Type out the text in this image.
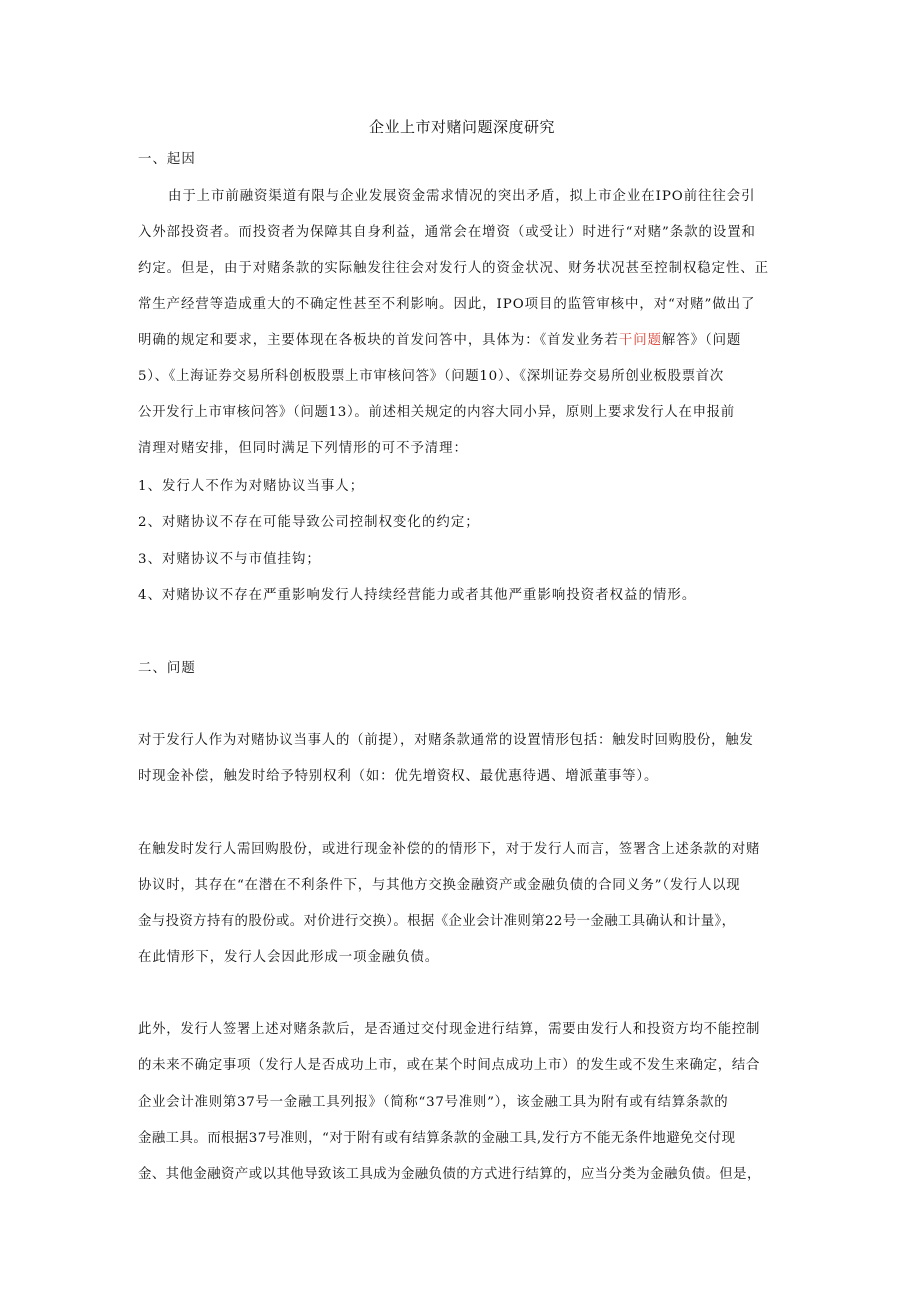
企业上市对赌问题深度研究
一、起因
由于上市前融资渠道有限与企业发展资金需求情况的突出矛盾，拟上市企业在IPO前往往会引
入外部投资者。而投资者为保障其自身利益，通常会在增资（或受让）时进行“对赌”条款的设置和
约定。但是，由于对赌条款的实际触发往往会对发行人的资金状况、财务状况甚至控制权稳定性、正
常生产经营等造成重大的不确定性甚至不利影响。因此，IPO项目的监管审核中，对“对赌”做出了
明确的规定和要求，主要体现在各板块的首发问答中，具体为：《首发业务若干问题解答》（问题
5）、《上海证券交易所科创板股票上市审核问答》（问题10）、《深圳证券交易所创业板股票首次
公开发行上市审核问答》（问题13）。前述相关规定的内容大同小异，原则上要求发行人在申报前
清理对赌安排，但同时满足下列情形的可不予清理：
1、发行人不作为对赌协议当事人；
2、对赌协议不存在可能导致公司控制权变化的约定；
3、对赌协议不与市值挂钩；
4、对赌协议不存在严重影响发行人持续经营能力或者其他严重影响投资者权益的情形。
二、问题
对于发行人作为对赌协议当事人的（前提），对赌条款通常的设置情形包括：触发时回购股份，触发
时现金补偿，触发时给予特别权利（如：优先增资权、最优惠待遇、增派董事等）。
在触发时发行人需回购股份，或进行现金补偿的的情形下，对于发行人而言，签署含上述条款的对赌
协议时，其存在“在潜在不利条件下，与其他方交换金融资产或金融负债的合同义务”（发行人以现
金与投资方持有的股份或。对价进行交换）。根据《企业会计准则第22号一金融工具确认和计量》，
在此情形下，发行人会因此形成一项金融负债。
此外，发行人签署上述对赌条款后，是否通过交付现金进行结算，需要由发行人和投资方均不能控制
的未来不确定事项（发行人是否成功上市，或在某个时间点成功上市）的发生或不发生来确定，结合
企业会计准则第37号一金融工具列报》（简称“37号准则”），该金融工具为附有或有结算条款的
金融工具。而根据37号准则，“对于附有或有结算条款的金融工具,发行方不能无条件地避免交付现
金、其他金融资产或以其他导致该工具成为金融负债的方式进行结算的，应当分类为金融负债。但是，
